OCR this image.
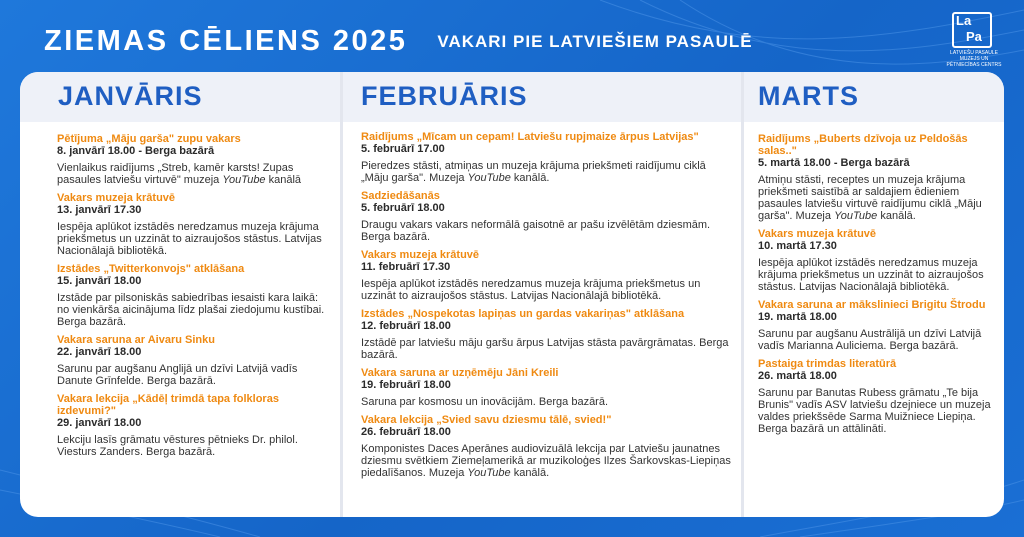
ZIEMAS CĒLIENS 2025 VAKARI PIE LATVIEŠIEM PASAULĒ
La
Pa
LATVIEŠU PASAULE MUZEJS UN PĒTNIECĪBAS CENTRS
JANVĀRIS
Pētījuma „Māju garša" zupu vakars
8. janvārī 18.00 - Berga bazārā
Vienlaikus raidījums „Streb, kamēr karsts! Zupas pasaules latviešu virtuvē" muzeja YouTube kanālā
Vakars muzeja krātuvē
13. janvārī 17.30
Iespēja aplūkot izstādēs neredzamus muzeja krājuma priekšmetus un uzzināt to aizraujošos stāstus. Latvijas Nacionālajā bibliotēkā.
Izstādes „Twitterkonvojs" atklāšana
15. janvārī 18.00
Izstāde par pilsoniskās sabiedrības iesaisti kara laikā: no vienkārša aicinājuma līdz plašai ziedojumu kustībai. Berga bazārā.
Vakara saruna ar Aivaru Sinku
22. janvārī 18.00
Sarunu par augšanu Anglijā un dzīvi Latvijā vadīs Danute Grīnfelde. Berga bazārā.
Vakara lekcija „Kādēļ trimdā tapa folkloras izdevumi?"
29. janvārī 18.00
Lekciju lasīs grāmatu vēstures pētnieks Dr. philol. Viesturs Zanders. Berga bazārā.
FEBRUĀRIS
Raidījums „Mīcam un cepam! Latviešu rupjmaize ārpus Latvijas"
5. februārī 17.00
Pieredzes stāsti, atmiņas un muzeja krājuma priekšmeti raidījumu ciklā „Māju garša". Muzeja YouTube kanālā.
Sadziedāšanās
5. februārī 18.00
Draugu vakars vakars neformālā gaisotnē ar pašu izvēlētām dziesmām. Berga bazārā.
Vakars muzeja krātuvē
11. februārī 17.30
Iespēja aplūkot izstādēs neredzamus muzeja krājuma priekšmetus un uzzināt to aizraujošos stāstus. Latvijas Nacionālajā bibliotēkā.
Izstādes „Nospekotas lapiņas un gardas vakariņas" atklāšana
12. februārī 18.00
Izstādē par latviešu māju garšu ārpus Latvijas stāsta pavārgrāmatas. Berga bazārā.
Vakara saruna ar uzņēmēju Jāni Kreili
19. februārī 18.00
Saruna par kosmosu un inovācijām. Berga bazārā.
Vakara lekcija „Svied savu dziesmu tālē, svied!"
26. februārī 18.00
Komponistes Daces Aperānes audiovizuālā lekcija par Latviešu jaunatnes dziesmu svētkiem Ziemeļamerikā ar muzikoloģes Ilzes Šarkovskas-Liepiņas piedalīšanos. Muzeja YouTube kanālā.
MARTS
Raidījums „Buberts dzīvoja uz Peldošās salas.."
5. martā 18.00 - Berga bazārā
Atmiņu stāsti, receptes un muzeja krājuma priekšmeti saistībā ar saldajiem ēdieniem pasaules latviešu virtuvē raidījumu ciklā „Māju garša". Muzeja YouTube kanālā.
Vakars muzeja krātuvē
10. martā 17.30
Iespēja aplūkot izstādēs neredzamus muzeja krājuma priekšmetus un uzzināt to aizraujošos stāstus. Latvijas Nacionālajā bibliotēkā.
Vakara saruna ar mākslinieci Brigitu Štrodu
19. martā 18.00
Sarunu par augšanu Austrālijā un dzīvi Latvijā vadīs Marianna Auliciema. Berga bazārā.
Pastaiga trimdas literatūrā
26. martā 18.00
Sarunu par Banutas Rubess grāmatu „Te bija Brunis" vadīs ASV latviešu dzejniece un muzeja valdes priekšsēde Sarma Muižniece Liepiņa. Berga bazārā un attālināti.
